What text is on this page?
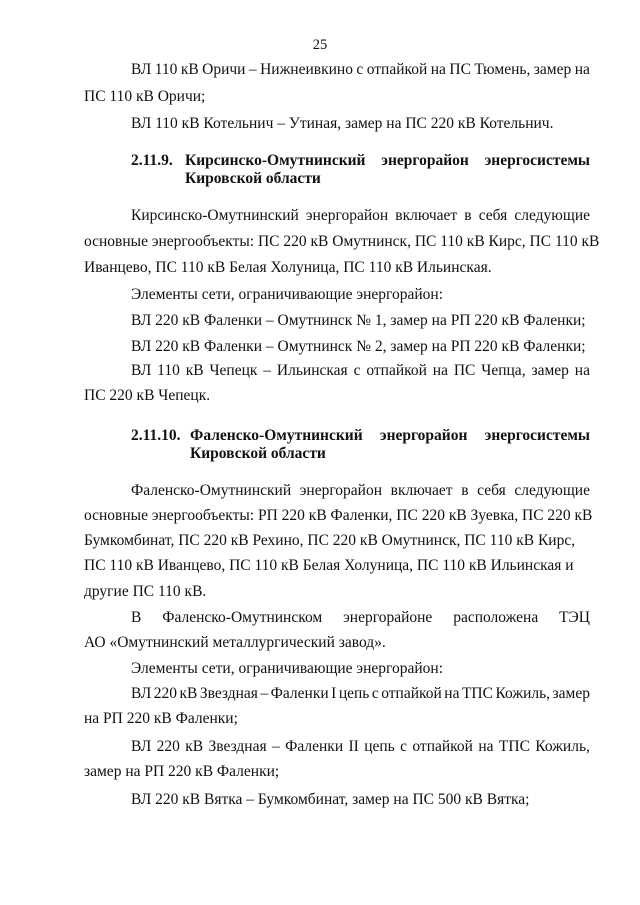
25
ВЛ 110 кВ Оричи – Нижнеивкино с отпайкой на ПС Тюмень, замер на
ПС 110 кВ Оричи;
ВЛ 110 кВ Котельнич – Утиная, замер на ПС 220 кВ Котельнич.
2.11.9. Кирсинско-Омутнинский энергорайон энергосистемы
Кировской области
Кирсинско-Омутнинский энергорайон включает в себя следующие
основные энергообъекты: ПС 220 кВ Омутнинск, ПС 110 кВ Кирс, ПС 110 кВ
Иванцево, ПС 110 кВ Белая Холуница, ПС 110 кВ Ильинская.
Элементы сети, ограничивающие энергорайон:
ВЛ 220 кВ Фаленки – Омутнинск № 1, замер на РП 220 кВ Фаленки;
ВЛ 220 кВ Фаленки – Омутнинск № 2, замер на РП 220 кВ Фаленки;
ВЛ 110 кВ Чепецк – Ильинская с отпайкой на ПС Чепца, замер на
ПС 220 кВ Чепецк.
2.11.10. Фаленско-Омутнинский энергорайон энергосистемы
Кировской области
Фаленско-Омутнинский энергорайон включает в себя следующие
основные энергообъекты: РП 220 кВ Фаленки, ПС 220 кВ Зуевка, ПС 220 кВ
Бумкомбинат, ПС 220 кВ Рехино, ПС 220 кВ Омутнинск, ПС 110 кВ Кирс,
ПС 110 кВ Иванцево, ПС 110 кВ Белая Холуница, ПС 110 кВ Ильинская и
другие ПС 110 кВ.
В Фаленско-Омутнинском энергорайоне расположена ТЭЦ
АО «Омутнинский металлургический завод».
Элементы сети, ограничивающие энергорайон:
ВЛ 220 кВ Звездная – Фаленки I цепь с отпайкой на ТПС Кожиль, замер
на РП 220 кВ Фаленки;
ВЛ 220 кВ Звездная – Фаленки II цепь с отпайкой на ТПС Кожиль,
замер на РП 220 кВ Фаленки;
ВЛ 220 кВ Вятка – Бумкомбинат, замер на ПС 500 кВ Вятка;
